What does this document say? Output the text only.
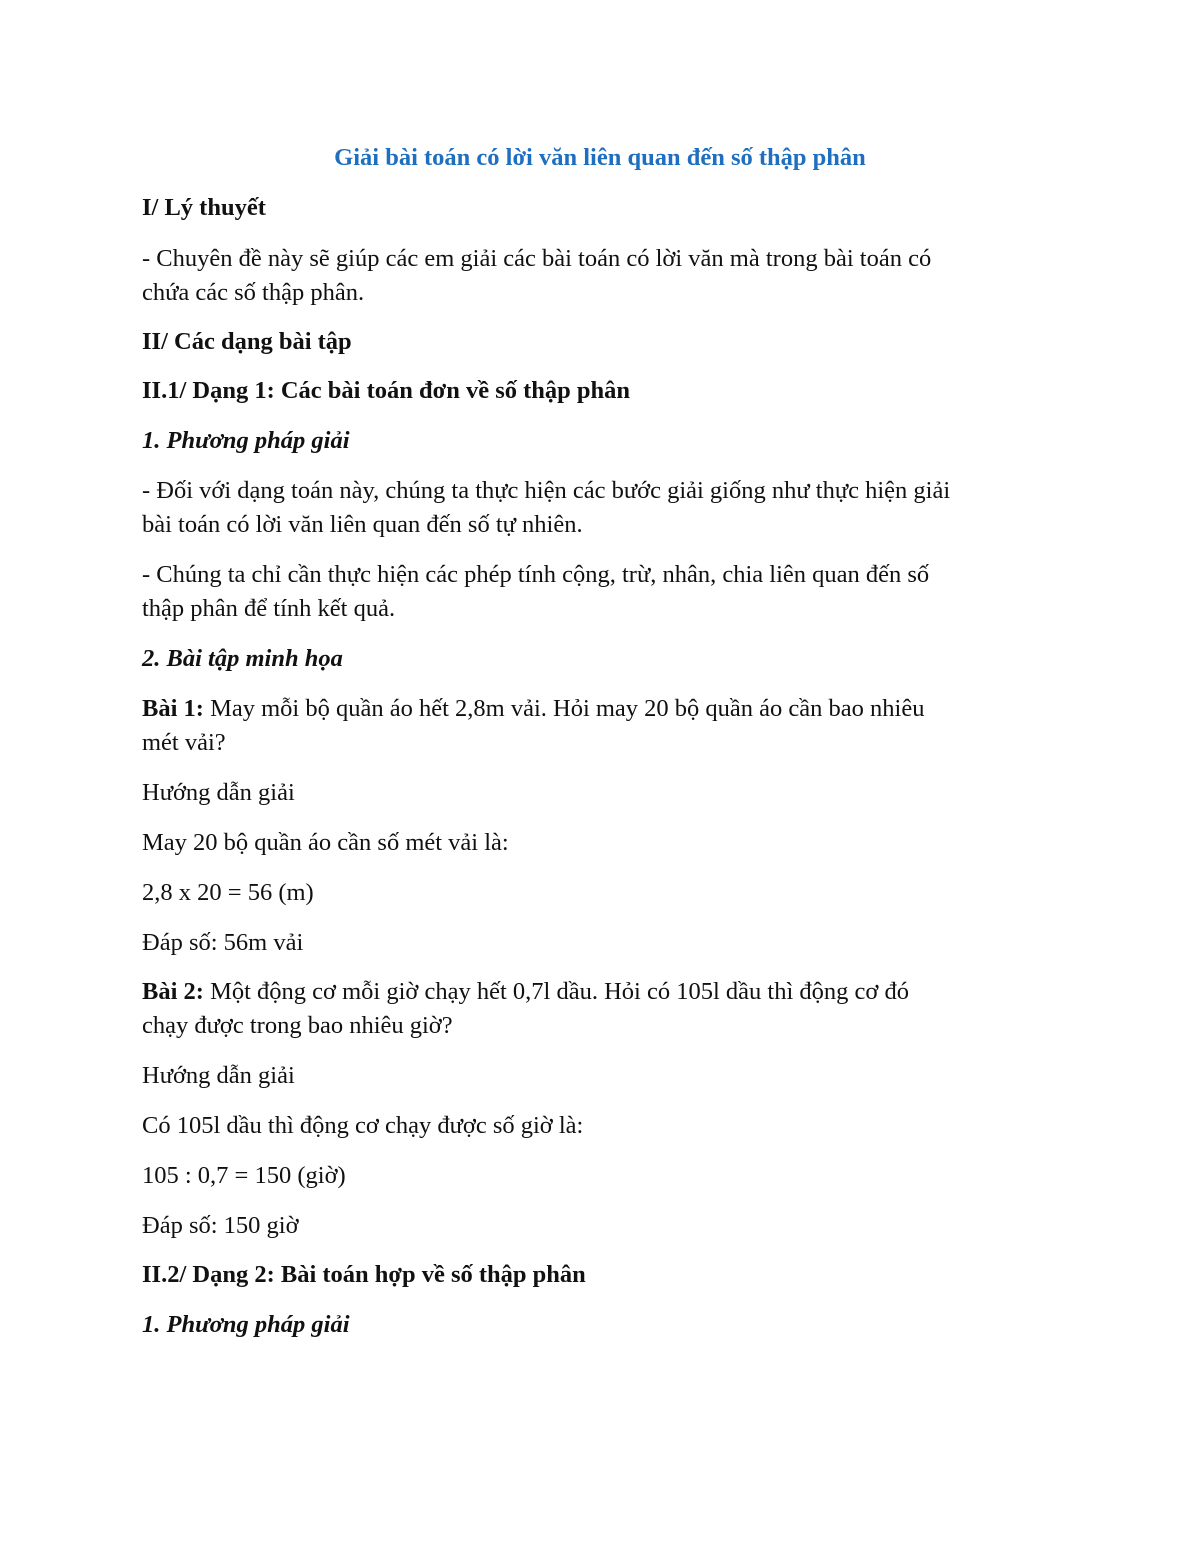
Giải bài toán có lời văn liên quan đến số thập phân
I/ Lý thuyết
- Chuyên đề này sẽ giúp các em giải các bài toán có lời văn mà trong bài toán có
chứa các số thập phân.
II/ Các dạng bài tập
II.1/ Dạng 1: Các bài toán đơn về số thập phân
1. Phương pháp giải
- Đối với dạng toán này, chúng ta thực hiện các bước giải giống như thực hiện giải
bài toán có lời văn liên quan đến số tự nhiên.
- Chúng ta chỉ cần thực hiện các phép tính cộng, trừ, nhân, chia liên quan đến số
thập phân để tính kết quả.
2. Bài tập minh họa
Bài 1: May mỗi bộ quần áo hết 2,8m vải. Hỏi may 20 bộ quần áo cần bao nhiêu
mét vải?
Hướng dẫn giải
May 20 bộ quần áo cần số mét vải là:
2,8 x 20 = 56 (m)
Đáp số: 56m vải
Bài 2: Một động cơ mỗi giờ chạy hết 0,7l dầu. Hỏi có 105l dầu thì động cơ đó
chạy được trong bao nhiêu giờ?
Hướng dẫn giải
Có 105l dầu thì động cơ chạy được số giờ là:
105 : 0,7 = 150 (giờ)
Đáp số: 150 giờ
II.2/ Dạng 2: Bài toán hợp về số thập phân
1. Phương pháp giải
